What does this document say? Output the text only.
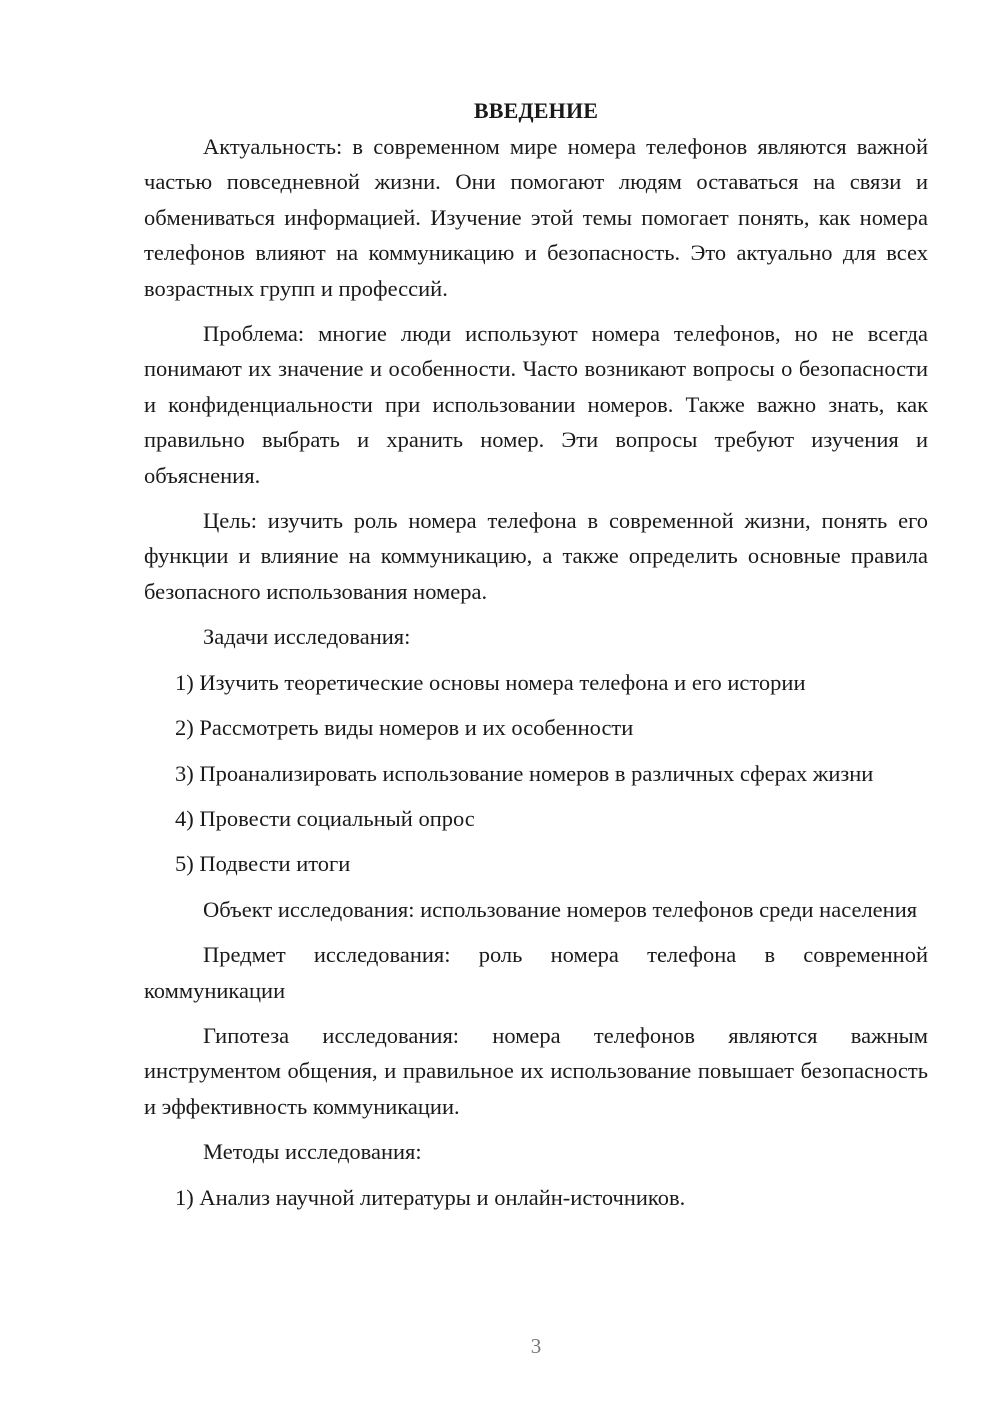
ВВЕДЕНИЕ

Актуальность: в современном мире номера телефонов являются важной частью повседневной жизни. Они помогают людям оставаться на связи и обмениваться информацией. Изучение этой темы помогает понять, как номера телефонов влияют на коммуникацию и безопасность. Это актуально для всех возрастных групп и профессий.

Проблема: многие люди используют номера телефонов, но не всегда понимают их значение и особенности. Часто возникают вопросы о безопасности и конфиденциальности при использовании номеров. Также важно знать, как правильно выбрать и хранить номер. Эти вопросы требуют изучения и объяснения.

Цель: изучить роль номера телефона в современной жизни, понять его функции и влияние на коммуникацию, а также определить основные правила безопасного использования номера.

Задачи исследования:

1) Изучить теоретические основы номера телефона и его истории

2) Рассмотреть виды номеров и их особенности

3) Проанализировать использование номеров в различных сферах жизни

4) Провести социальный опрос

5) Подвести итоги

Объект исследования: использование номеров телефонов среди населения

Предмет исследования: роль номера телефона в современной коммуникации

Гипотеза исследования: номера телефонов являются важным инструментом общения, и правильное их использование повышает безопасность и эффективность коммуникации.

Методы исследования:

1) Анализ научной литературы и онлайн-источников.

3
